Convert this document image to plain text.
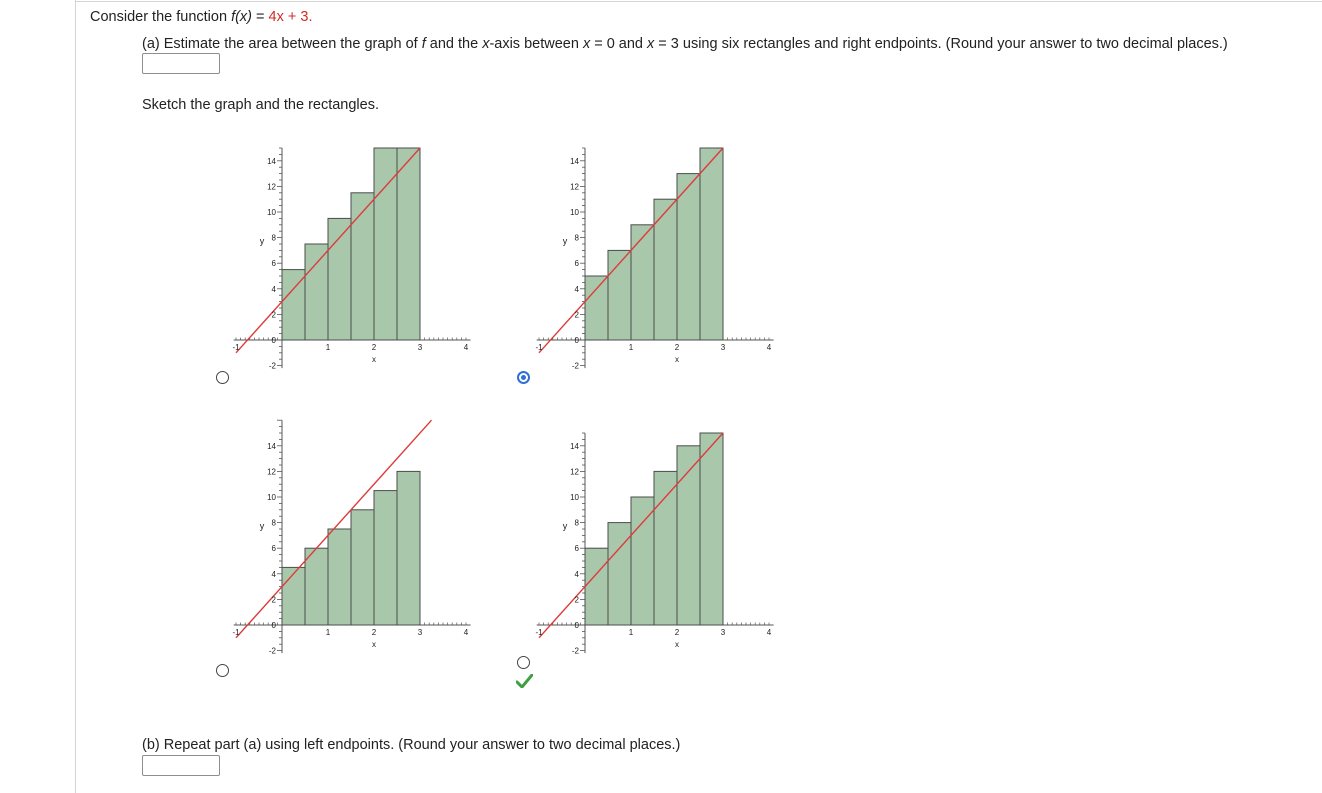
Consider the function f(x) = 4x + 3.
(a) Estimate the area between the graph of f and the x-axis between x = 0 and x = 3 using six rectangles and right endpoints. (Round your answer to two decimal places.)
Sketch the graph and the rectangles.
-1	1	2	3	4
x
-2
0
2
4
6
8
10
12
14
y
-1	1	2	3	4
x
-2
0
2
4
6
8
10
12
14
y
-1	1	2	3	4
x
-2
0
2
4
6
8
10
12
14
y
-1	1	2	3	4
x
-2
0
2
4
6
8
10
12
14
y
(b) Repeat part (a) using left endpoints. (Round your answer to two decimal places.)
